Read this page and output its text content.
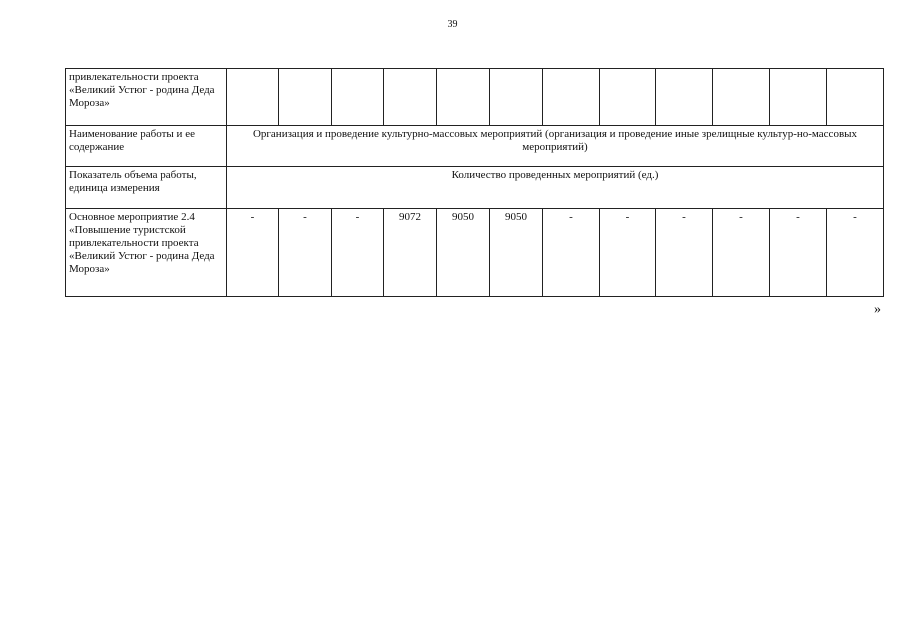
39
привлекательности проекта «Великий Устюг - родина Деда Мороза»												
Наименование работы и ее содержание	Организация и проведение культурно-массовых мероприятий (организация и проведение иные зрелищные культур-но-массовых мероприятий)											
Показатель объема работы, единица измерения	Количество проведенных мероприятий (ед.)											
Основное мероприятие 2.4 «Повышение туристской привлекательности проекта «Великий Устюг - родина Деда Мороза»	-	-	-	9072	9050	9050	-	-	-	-	-	-
»
